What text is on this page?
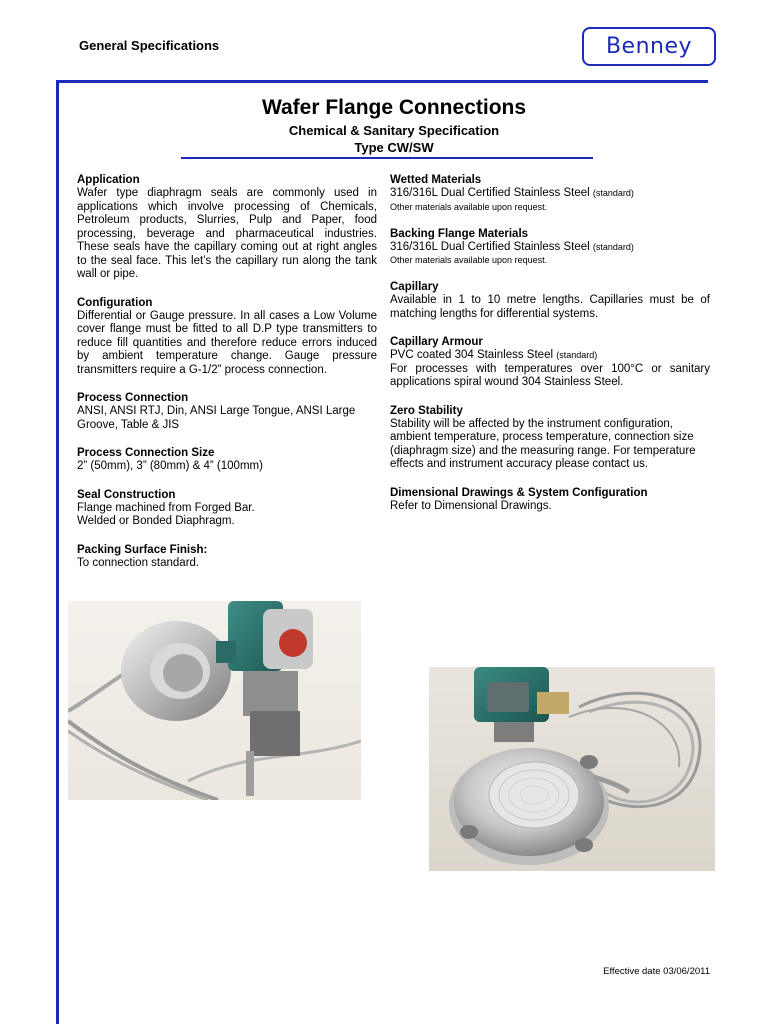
General Specifications	Benney
Wafer Flange Connections
Chemical & Sanitary Specification
Type CW/SW
Application

Wafer type diaphragm seals are commonly used in applications which involve processing of Chemicals, Petroleum products, Slurries, Pulp and Paper, food processing, beverage and pharmaceutical industries. These seals have the capillary coming out at right angles to the seal face. This let’s the capillary run along the tank wall or pipe.

Configuration

Differential or Gauge pressure. In all cases a Low Volume cover flange must be fitted to all D.P type transmitters to reduce fill quantities and therefore reduce errors induced by ambient temperature change. Gauge pressure transmitters require a G-1/2” process connection.

Process Connection
ANSI, ANSI RTJ, Din, ANSI Large Tongue, ANSI Large Groove, Table & JIS
Process Connection Size
2” (50mm), 3” (80mm) & 4” (100mm)
Seal Construction
Flange machined from Forged Bar.
Welded or Bonded Diaphragm.
Packing Surface Finish:
To connection standard.
Wetted Materials
316/316L Dual Certified Stainless Steel (standard)
Other materials available upon request.
Backing Flange Materials
316/316L Dual Certified Stainless Steel (standard)
Other materials available upon request.
Capillary

Available in 1 to 10 metre lengths. Capillaries must be of matching lengths for differential systems.

Capillary Armour
PVC coated 304 Stainless Steel (standard)

For processes with temperatures over 100°C or sanitary applications spiral wound 304 Stainless Steel.

Zero Stability
Stability will be affected by the instrument configuration, ambient temperature, process temperature, connection size (diaphragm size) and the measuring range. For temperature effects and instrument accuracy please contact us.
Dimensional Drawings & System Configuration
Refer to Dimensional Drawings.
Effective date 03/06/2011
